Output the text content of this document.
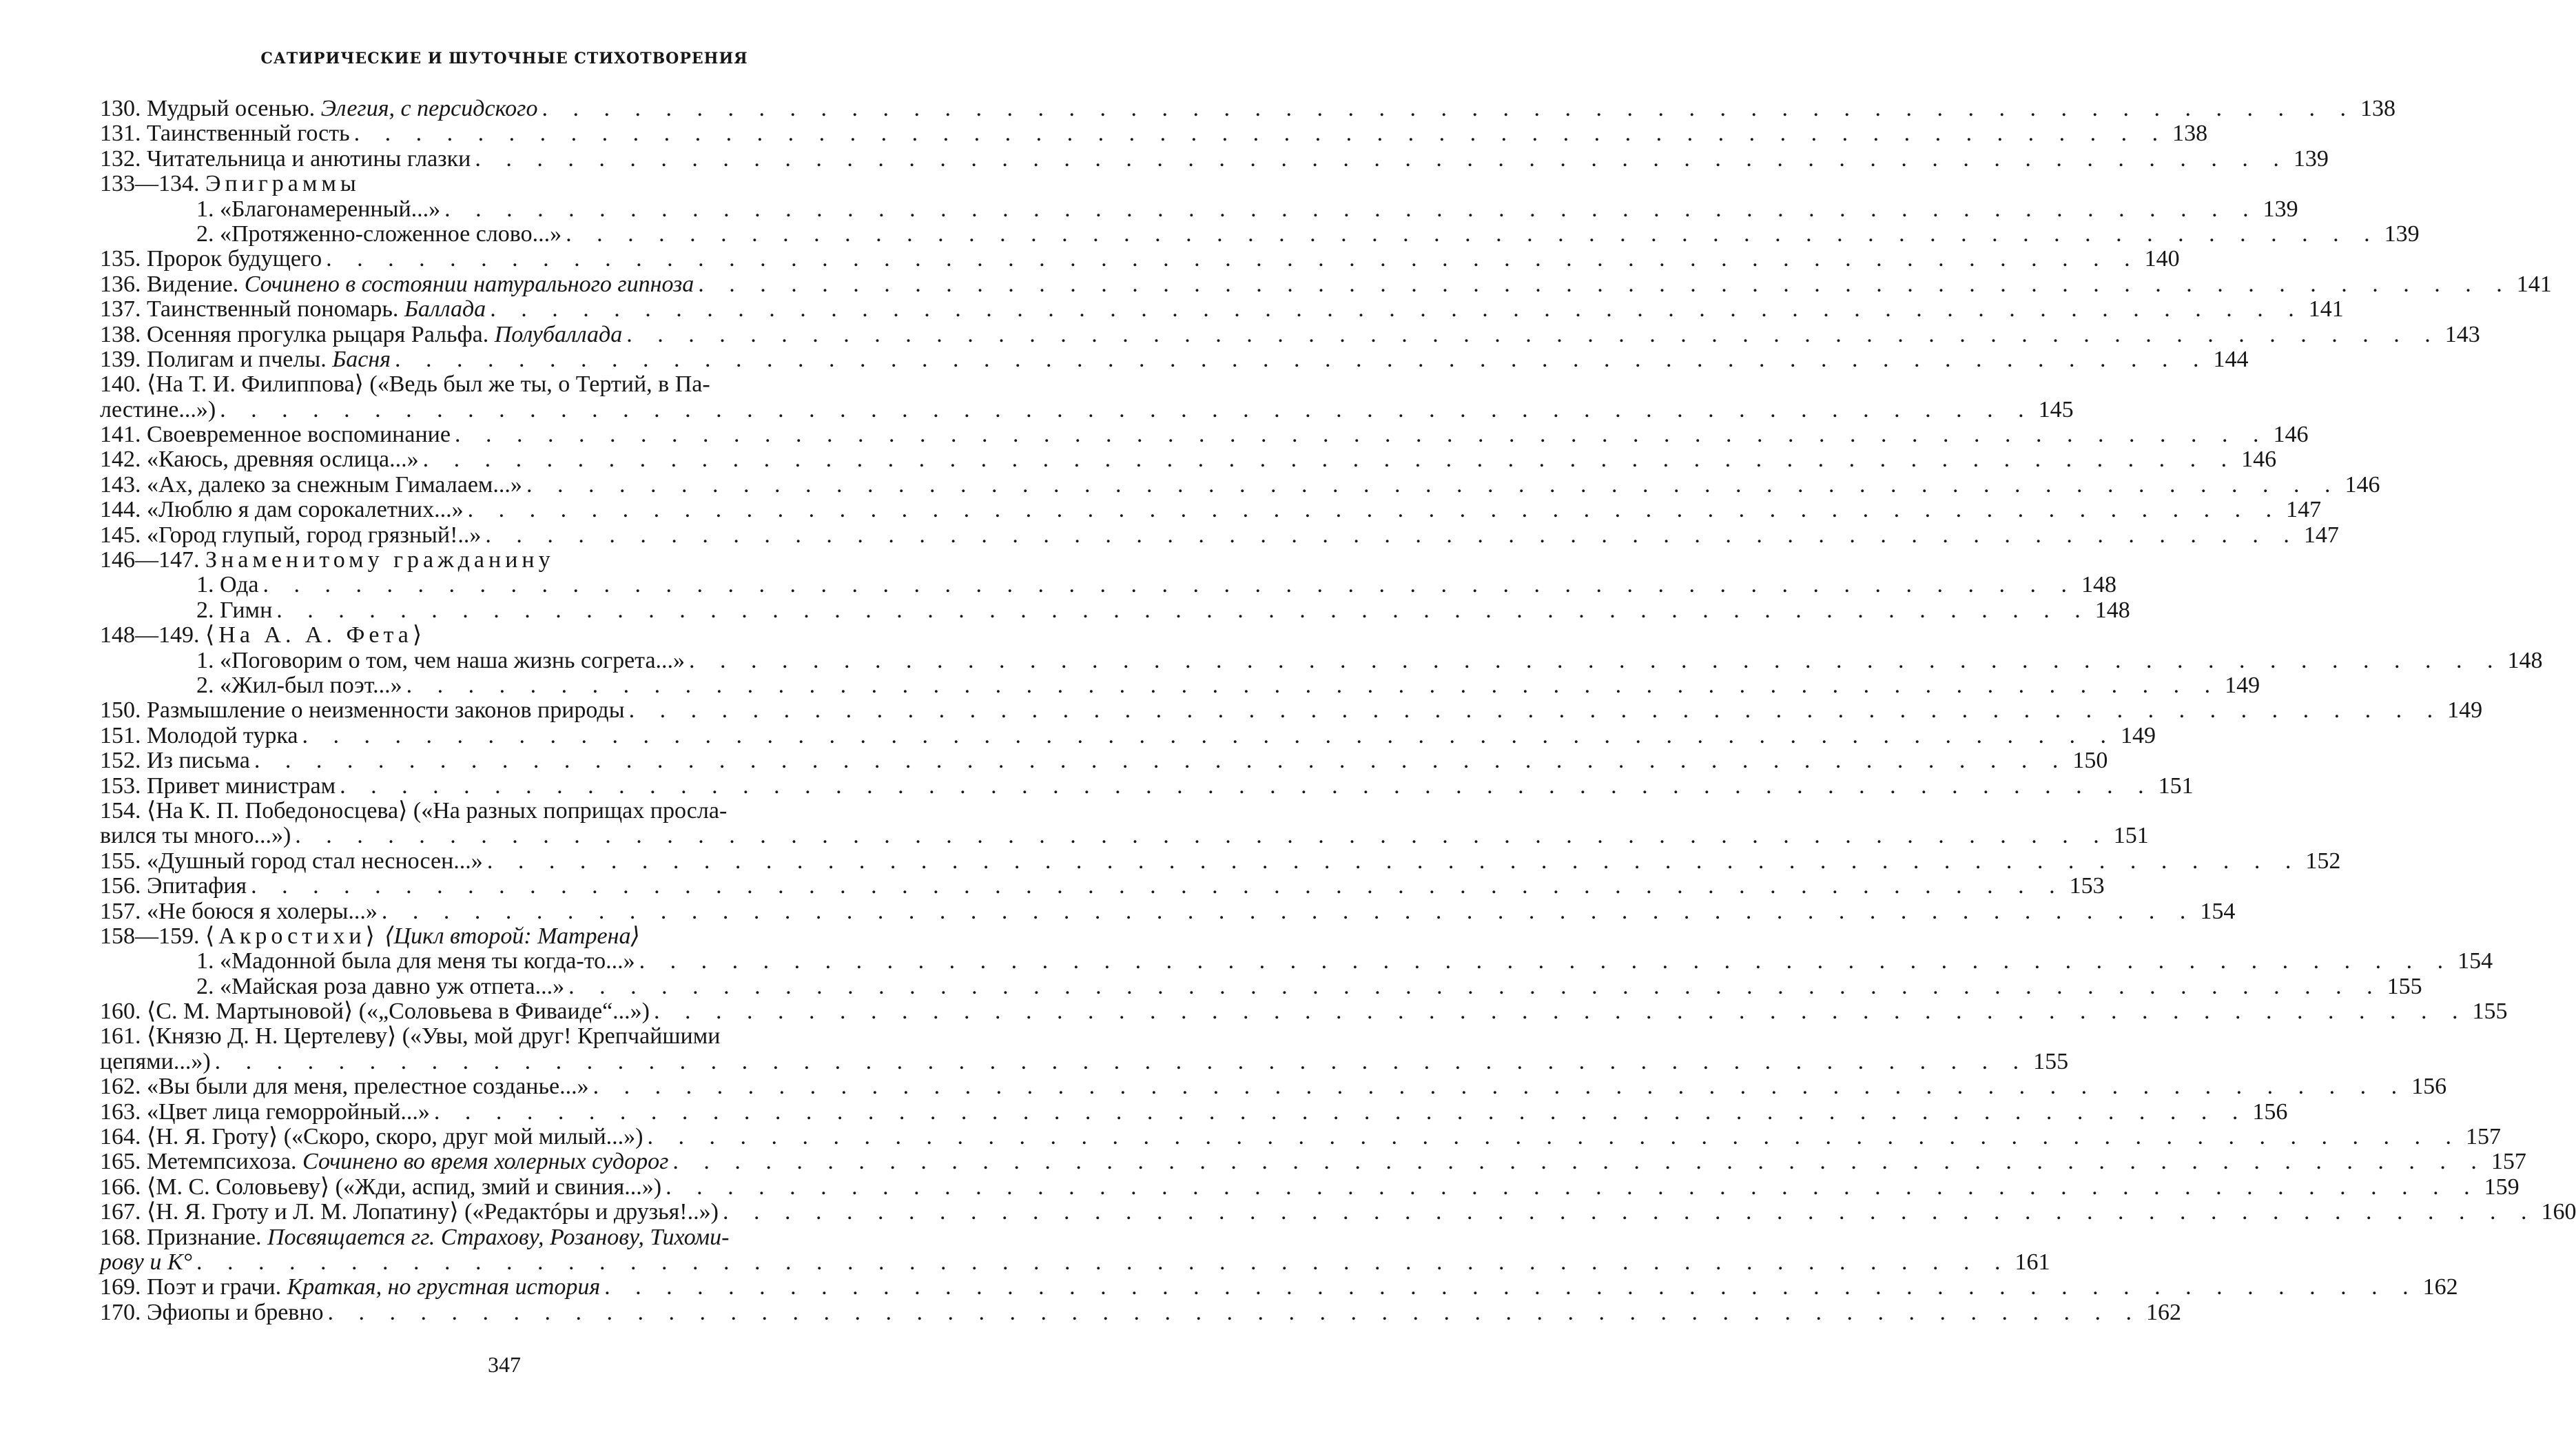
САТИРИЧЕСКИЕ И ШУТОЧНЫЕ СТИХОТВОРЕНИЯ
130. Мудрый осенью. Элегия, с персидского . . . . . . . . . . . . . . . . . . . . . . . . . . . . . . . . . . . . . . . . . . . . . . . . . . . . . . . . . . . 138
131. Таинственный гость . . . . . . . . . . . . . . . . . . . . . . . . . . . . . . . . . . . . . . . . . . . . . . . . . . . . . . . . . . . 138
132. Читательница и анютины глазки . . . . . . . . . . . . . . . . . . . . . . . . . . . . . . . . . . . . . . . . . . . . . . . . . . . . . . . . . . . 139
133—134. Эпиграммы
1. «Благонамеренный...» . . . . . . . . . . . . . . . . . . . . . . . . . . . . . . . . . . . . . . . . . . . . . . . . . . . . . . . . . . . 139
2. «Протяженно-сложенное слово...» . . . . . . . . . . . . . . . . . . . . . . . . . . . . . . . . . . . . . . . . . . . . . . . . . . . . . . . . . . . 139
135. Пророк будущего . . . . . . . . . . . . . . . . . . . . . . . . . . . . . . . . . . . . . . . . . . . . . . . . . . . . . . . . . . . 140
136. Видение. Сочинено в состоянии натурального гипноза . . . . . . . . . . . . . . . . . . . . . . . . . . . . . . . . . . . . . . . . . . . . . . . . . . . . . . . . . . . 141
137. Таинственный пономарь. Баллада . . . . . . . . . . . . . . . . . . . . . . . . . . . . . . . . . . . . . . . . . . . . . . . . . . . . . . . . . . . 141
138. Осенняя прогулка рыцаря Ральфа. Полубаллада . . . . . . . . . . . . . . . . . . . . . . . . . . . . . . . . . . . . . . . . . . . . . . . . . . . . . . . . . . . 143
139. Полигам и пчелы. Басня . . . . . . . . . . . . . . . . . . . . . . . . . . . . . . . . . . . . . . . . . . . . . . . . . . . . . . . . . . . 144
140. ⟨На Т. И. Филиппова⟩ («Ведь был же ты, о Тертий, в Па-
лестине...») . . . . . . . . . . . . . . . . . . . . . . . . . . . . . . . . . . . . . . . . . . . . . . . . . . . . . . . . . . . 145
141. Своевременное воспоминание . . . . . . . . . . . . . . . . . . . . . . . . . . . . . . . . . . . . . . . . . . . . . . . . . . . . . . . . . . . 146
142. «Каюсь, древняя ослица...» . . . . . . . . . . . . . . . . . . . . . . . . . . . . . . . . . . . . . . . . . . . . . . . . . . . . . . . . . . . 146
143. «Ах, далеко за снежным Гималаем...» . . . . . . . . . . . . . . . . . . . . . . . . . . . . . . . . . . . . . . . . . . . . . . . . . . . . . . . . . . . 146
144. «Люблю я дам сорокалетних...» . . . . . . . . . . . . . . . . . . . . . . . . . . . . . . . . . . . . . . . . . . . . . . . . . . . . . . . . . . . 147
145. «Город глупый, город грязный!..» . . . . . . . . . . . . . . . . . . . . . . . . . . . . . . . . . . . . . . . . . . . . . . . . . . . . . . . . . . . 147
146—147. Знаменитому гражданину
1. Ода . . . . . . . . . . . . . . . . . . . . . . . . . . . . . . . . . . . . . . . . . . . . . . . . . . . . . . . . . . . 148
2. Гимн . . . . . . . . . . . . . . . . . . . . . . . . . . . . . . . . . . . . . . . . . . . . . . . . . . . . . . . . . . . 148
148—149. ⟨На А. А. Фета⟩
1. «Поговорим о том, чем наша жизнь согрета...» . . . . . . . . . . . . . . . . . . . . . . . . . . . . . . . . . . . . . . . . . . . . . . . . . . . . . . . . . . . 148
2. «Жил-был поэт...» . . . . . . . . . . . . . . . . . . . . . . . . . . . . . . . . . . . . . . . . . . . . . . . . . . . . . . . . . . . 149
150. Размышление о неизменности законов природы . . . . . . . . . . . . . . . . . . . . . . . . . . . . . . . . . . . . . . . . . . . . . . . . . . . . . . . . . . . 149
151. Молодой турка . . . . . . . . . . . . . . . . . . . . . . . . . . . . . . . . . . . . . . . . . . . . . . . . . . . . . . . . . . . 149
152. Из письма . . . . . . . . . . . . . . . . . . . . . . . . . . . . . . . . . . . . . . . . . . . . . . . . . . . . . . . . . . . 150
153. Привет министрам . . . . . . . . . . . . . . . . . . . . . . . . . . . . . . . . . . . . . . . . . . . . . . . . . . . . . . . . . . . 151
154. ⟨На К. П. Победоносцева⟩ («На разных поприщах просла-
вился ты много...») . . . . . . . . . . . . . . . . . . . . . . . . . . . . . . . . . . . . . . . . . . . . . . . . . . . . . . . . . . . 151
155. «Душный город стал несносен...» . . . . . . . . . . . . . . . . . . . . . . . . . . . . . . . . . . . . . . . . . . . . . . . . . . . . . . . . . . . 152
156. Эпитафия . . . . . . . . . . . . . . . . . . . . . . . . . . . . . . . . . . . . . . . . . . . . . . . . . . . . . . . . . . . 153
157. «Не боюся я холеры...» . . . . . . . . . . . . . . . . . . . . . . . . . . . . . . . . . . . . . . . . . . . . . . . . . . . . . . . . . . . 154
158—159. ⟨Акростихи⟩ ⟨Цикл второй: Матрена⟩
1. «Мадонной была для меня ты когда-то...» . . . . . . . . . . . . . . . . . . . . . . . . . . . . . . . . . . . . . . . . . . . . . . . . . . . . . . . . . . . 154
2. «Майская роза давно уж отпета...» . . . . . . . . . . . . . . . . . . . . . . . . . . . . . . . . . . . . . . . . . . . . . . . . . . . . . . . . . . . 155
160. ⟨С. М. Мартыновой⟩ («„Соловьева в Фиваиде“...») . . . . . . . . . . . . . . . . . . . . . . . . . . . . . . . . . . . . . . . . . . . . . . . . . . . . . . . . . . . 155
161. ⟨Князю Д. Н. Цертелеву⟩ («Увы, мой друг! Крепчайшими
цепями...») . . . . . . . . . . . . . . . . . . . . . . . . . . . . . . . . . . . . . . . . . . . . . . . . . . . . . . . . . . . 155
162. «Вы были для меня, прелестное созданье...» . . . . . . . . . . . . . . . . . . . . . . . . . . . . . . . . . . . . . . . . . . . . . . . . . . . . . . . . . . . 156
163. «Цвет лица геморройный...» . . . . . . . . . . . . . . . . . . . . . . . . . . . . . . . . . . . . . . . . . . . . . . . . . . . . . . . . . . . 156
164. ⟨Н. Я. Гроту⟩ («Скоро, скоро, друг мой милый...») . . . . . . . . . . . . . . . . . . . . . . . . . . . . . . . . . . . . . . . . . . . . . . . . . . . . . . . . . . . 157
165. Метемпсихоза. Сочинено во время холерных судорог . . . . . . . . . . . . . . . . . . . . . . . . . . . . . . . . . . . . . . . . . . . . . . . . . . . . . . . . . . . 157
166. ⟨М. С. Соловьеву⟩ («Жди, аспид, змий и свиния...») . . . . . . . . . . . . . . . . . . . . . . . . . . . . . . . . . . . . . . . . . . . . . . . . . . . . . . . . . . . 159
167. ⟨Н. Я. Гроту и Л. М. Лопатину⟩ («Редактóры и друзья!..») . . . . . . . . . . . . . . . . . . . . . . . . . . . . . . . . . . . . . . . . . . . . . . . . . . . . . . . . . . . 160
168. Признание. Посвящается гг. Страхову, Розанову, Тихоми-
рову и К° . . . . . . . . . . . . . . . . . . . . . . . . . . . . . . . . . . . . . . . . . . . . . . . . . . . . . . . . . . . 161
169. Поэт и грачи. Краткая, но грустная история . . . . . . . . . . . . . . . . . . . . . . . . . . . . . . . . . . . . . . . . . . . . . . . . . . . . . . . . . . . 162
170. Эфиопы и бревно . . . . . . . . . . . . . . . . . . . . . . . . . . . . . . . . . . . . . . . . . . . . . . . . . . . . . . . . . . . 162
347
